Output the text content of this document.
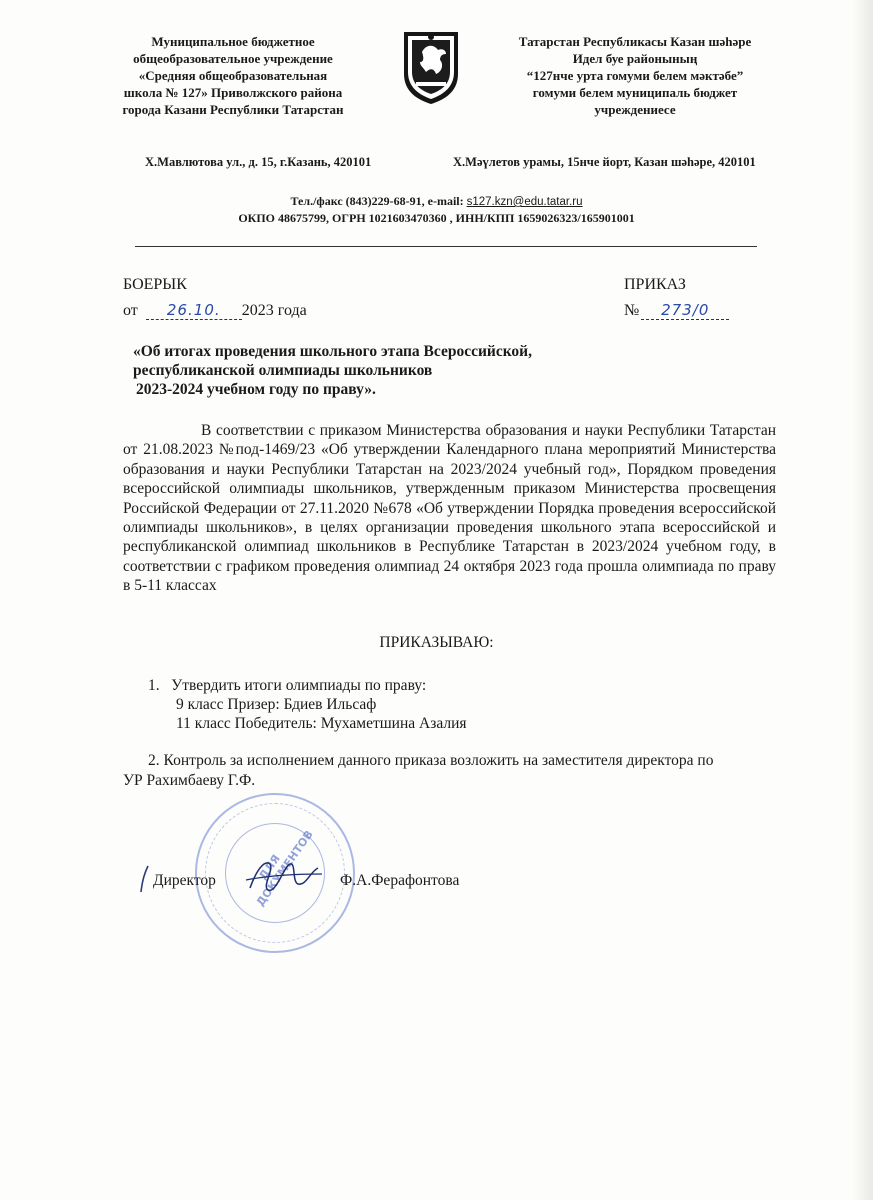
Муниципальное бюджетное
общеобразовательное учреждение
«Средняя общеобразовательная
школа № 127» Приволжского района
города Казани Республики Татарстан
Татарстан Республикасы Казан шәһәре
Идел буе районының
“127нче урта гомуми белем мәктәбе”
гомуми белем муниципаль бюджет
учреждениесе
Х.Мавлютова ул., д. 15, г.Казань, 420101	Х.Мәүлетов урамы, 15нче йорт, Казан шәһәре, 420101
Тел./факс (843)229-68-91, e-mail: s127.kzn@edu.tatar.ru
ОКПО 48675799, ОГРН 1021603470360 , ИНН/КПП 1659026323/165901001
БОЕРЫК	ПРИКАЗ
от 26.10. 2023 года	№ 273/0
«Об итогах проведения школьного этапа Всероссийской,
республиканской олимпиады школьников
2023-2024 учебном году по праву».
В соответствии с приказом Министерства образования и науки Республики Татарстан от 21.08.2023 №под-1469/23 «Об утверждении Календарного плана мероприятий Министерства образования и науки Республики Татарстан на 2023/2024 учебный год», Порядком проведения всероссийской олимпиады школьников, утвержденным приказом Министерства просвещения Российской Федерации от 27.11.2020 №678 «Об утверждении Порядка проведения всероссийской олимпиады школьников», в целях организации проведения школьного этапа всероссийской и республиканской олимпиад школьников в Республике Татарстан в 2023/2024 учебном году, в соответствии с графиком проведения олимпиад 24 октября 2023 года прошла олимпиада по праву в 5-11 классах
ПРИКАЗЫВАЮ:
1. Утвердить итоги олимпиады по праву:
9 класс Призер: Бдиев Ильсаф
11 класс Победитель: Мухаметшина Азалия
2. Контроль за исполнением данного приказа возложить на заместителя директора по
УР Рахимбаеву Г.Ф.
ДЛЯ ДОКУМЕНТОВ
Директор	Ф.А.Ферафонтова
